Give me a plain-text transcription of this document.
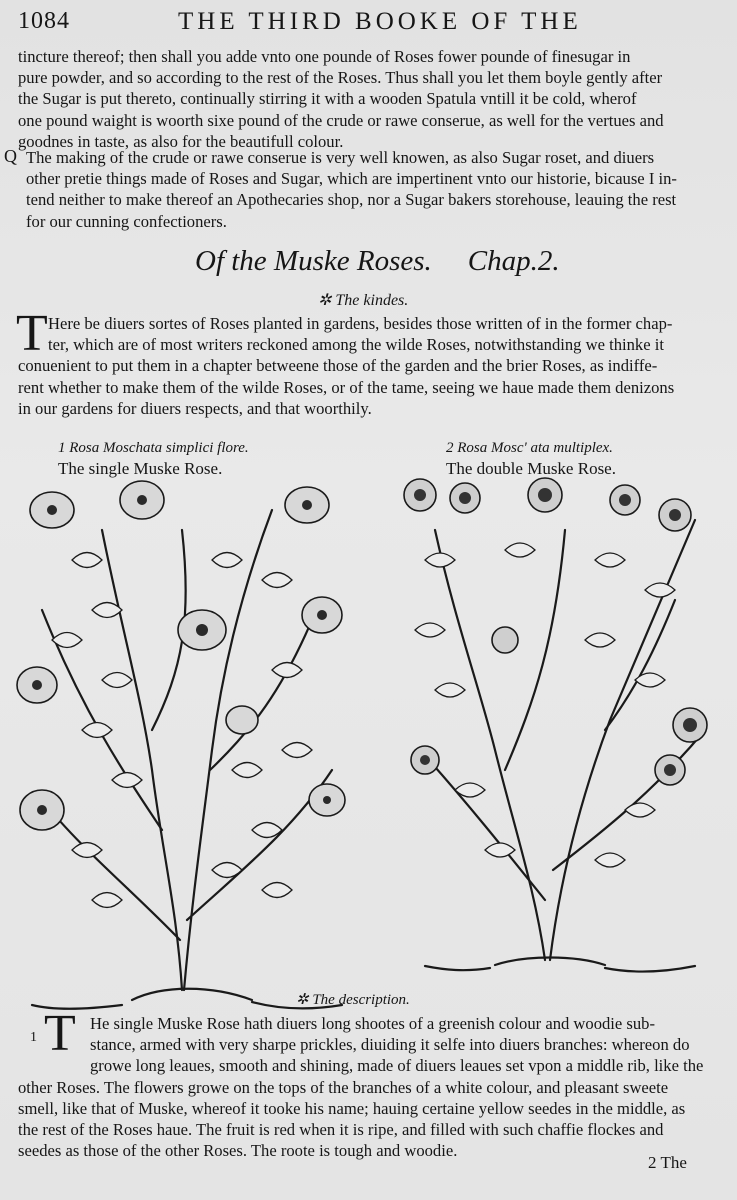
1084	THE THIRD BOOKE OF THE
tincture thereof; then shall you adde vnto one pounde of Roses fower pounde of finesugar in
pure powder, and so according to the rest of the Roses. Thus shall you let them boyle gently after
the Sugar is put thereto, continually stirring it with a wooden Spatula vntill it be cold, wherof
one pound waight is woorth sixe pound of the crude or rawe conserue, as well for the vertues and
goodnes in taste, as also for the beautifull colour.
Q The making of the crude or rawe conserue is very well knowen, as also Sugar roset, and diuers
other pretie things made of Roses and Sugar, which are impertinent vnto our historie, bicause I in-
tend neither to make thereof an Apothecaries shop, nor a Sugar bakers storehouse, leauing the rest
for our cunning confectioners.
Of the Muske Roses. Chap.2.
✲ The kindes.
T Here be diuers sortes of Roses planted in gardens, besides those written of in the former chap-
ter, which are of most writers reckoned among the wilde Roses, notwithstanding we thinke it
conuenient to put them in a chapter betweene those of the garden and the brier Roses, as indiffe-
rent whether to make them of the wilde Roses, or of the tame, seeing we haue made them denizons
in our gardens for diuers respects, and that woorthily.
1 Rosa Moschata simplici flore.
The single Muske Rose.
2 Rosa Mosc' ata multiplex.
The double Muske Rose.
✲ The description.
1 T He single Muske Rose hath diuers long shootes of a greenish colour and woodie sub-
stance, armed with very sharpe prickles, diuiding it selfe into diuers branches: whereon do
growe long leaues, smooth and shining, made of diuers leaues set vpon a middle rib, like the
other Roses. The flowers growe on the tops of the branches of a white colour, and pleasant sweete
smell, like that of Muske, whereof it tooke his name; hauing certaine yellow seedes in the middle, as
the rest of the Roses haue. The fruit is red when it is ripe, and filled with such chaffie flockes and
seedes as those of the other Roses. The roote is tough and woodie.
2 The
